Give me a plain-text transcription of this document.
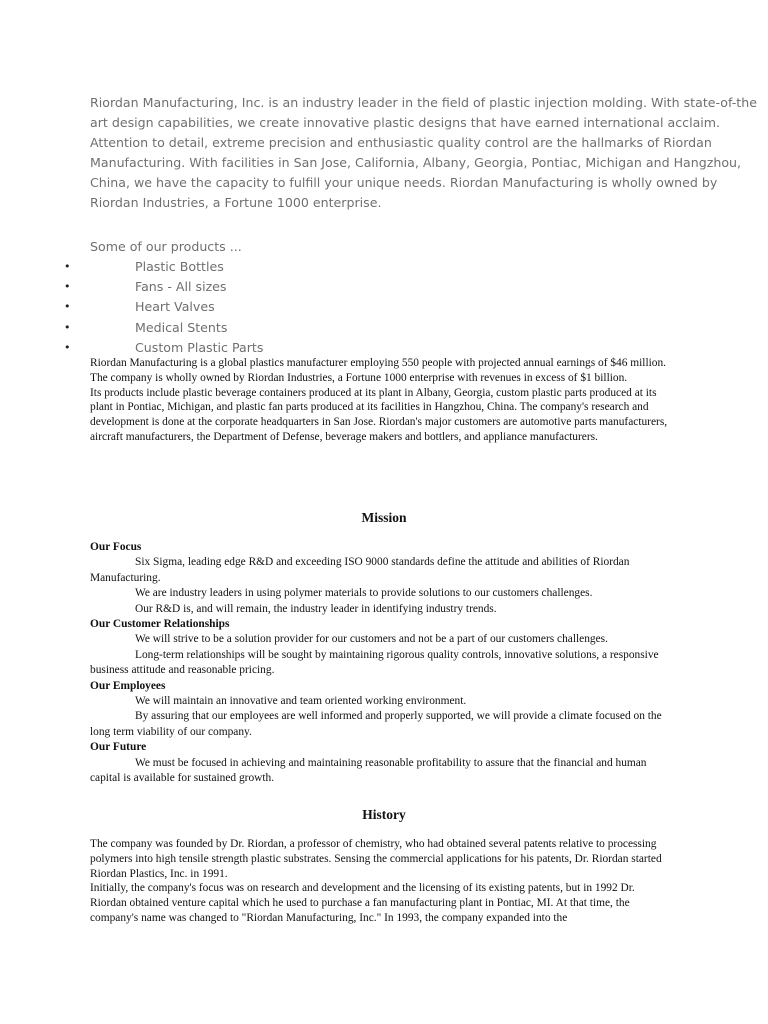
Riordan Manufacturing, Inc. is an industry leader in the field of plastic injection molding. With state-of-the art design capabilities, we create innovative plastic designs that have earned international acclaim. Attention to detail, extreme precision and enthusiastic quality control are the hallmarks of Riordan Manufacturing. With facilities in San Jose, California, Albany, Georgia, Pontiac, Michigan and Hangzhou, China, we have the capacity to fulfill your unique needs. Riordan Manufacturing is wholly owned by Riordan Industries, a Fortune 1000 enterprise.

Some of our products ...

•	Plastic Bottles
•	Fans - All sizes
•	Heart Valves
•	Medical Stents
•	Custom Plastic Parts

Riordan Manufacturing is a global plastics manufacturer employing 550 people with projected annual earnings of $46 million. The company is wholly owned by Riordan Industries, a Fortune 1000 enterprise with revenues in excess of $1 billion.

Its products include plastic beverage containers produced at its plant in Albany, Georgia, custom plastic parts produced at its plant in Pontiac, Michigan, and plastic fan parts produced at its facilities in Hangzhou, China. The company's research and development is done at the corporate headquarters in San Jose. Riordan's major customers are automotive parts manufacturers, aircraft manufacturers, the Department of Defense, beverage makers and bottlers, and appliance manufacturers.

Mission
Our Focus

Six Sigma, leading edge R&D and exceeding ISO 9000 standards define the attitude and abilities of Riordan Manufacturing.

We are industry leaders in using polymer materials to provide solutions to our customers challenges.

Our R&D is, and will remain, the industry leader in identifying industry trends.

Our Customer Relationships

We will strive to be a solution provider for our customers and not be a part of our customers challenges.

Long-term relationships will be sought by maintaining rigorous quality controls, innovative solutions, a responsive business attitude and reasonable pricing.

Our Employees

We will maintain an innovative and team oriented working environment.

By assuring that our employees are well informed and properly supported, we will provide a climate focused on the long term viability of our company.

Our Future

We must be focused in achieving and maintaining reasonable profitability to assure that the financial and human capital is available for sustained growth.

History

The company was founded by Dr. Riordan, a professor of chemistry, who had obtained several patents relative to processing polymers into high tensile strength plastic substrates. Sensing the commercial applications for his patents, Dr. Riordan started Riordan Plastics, Inc. in 1991.

Initially, the company's focus was on research and development and the licensing of its existing patents, but in 1992 Dr. Riordan obtained venture capital which he used to purchase a fan manufacturing plant in Pontiac, MI. At that time, the company's name was changed to "Riordan Manufacturing, Inc." In 1993, the company expanded into the
